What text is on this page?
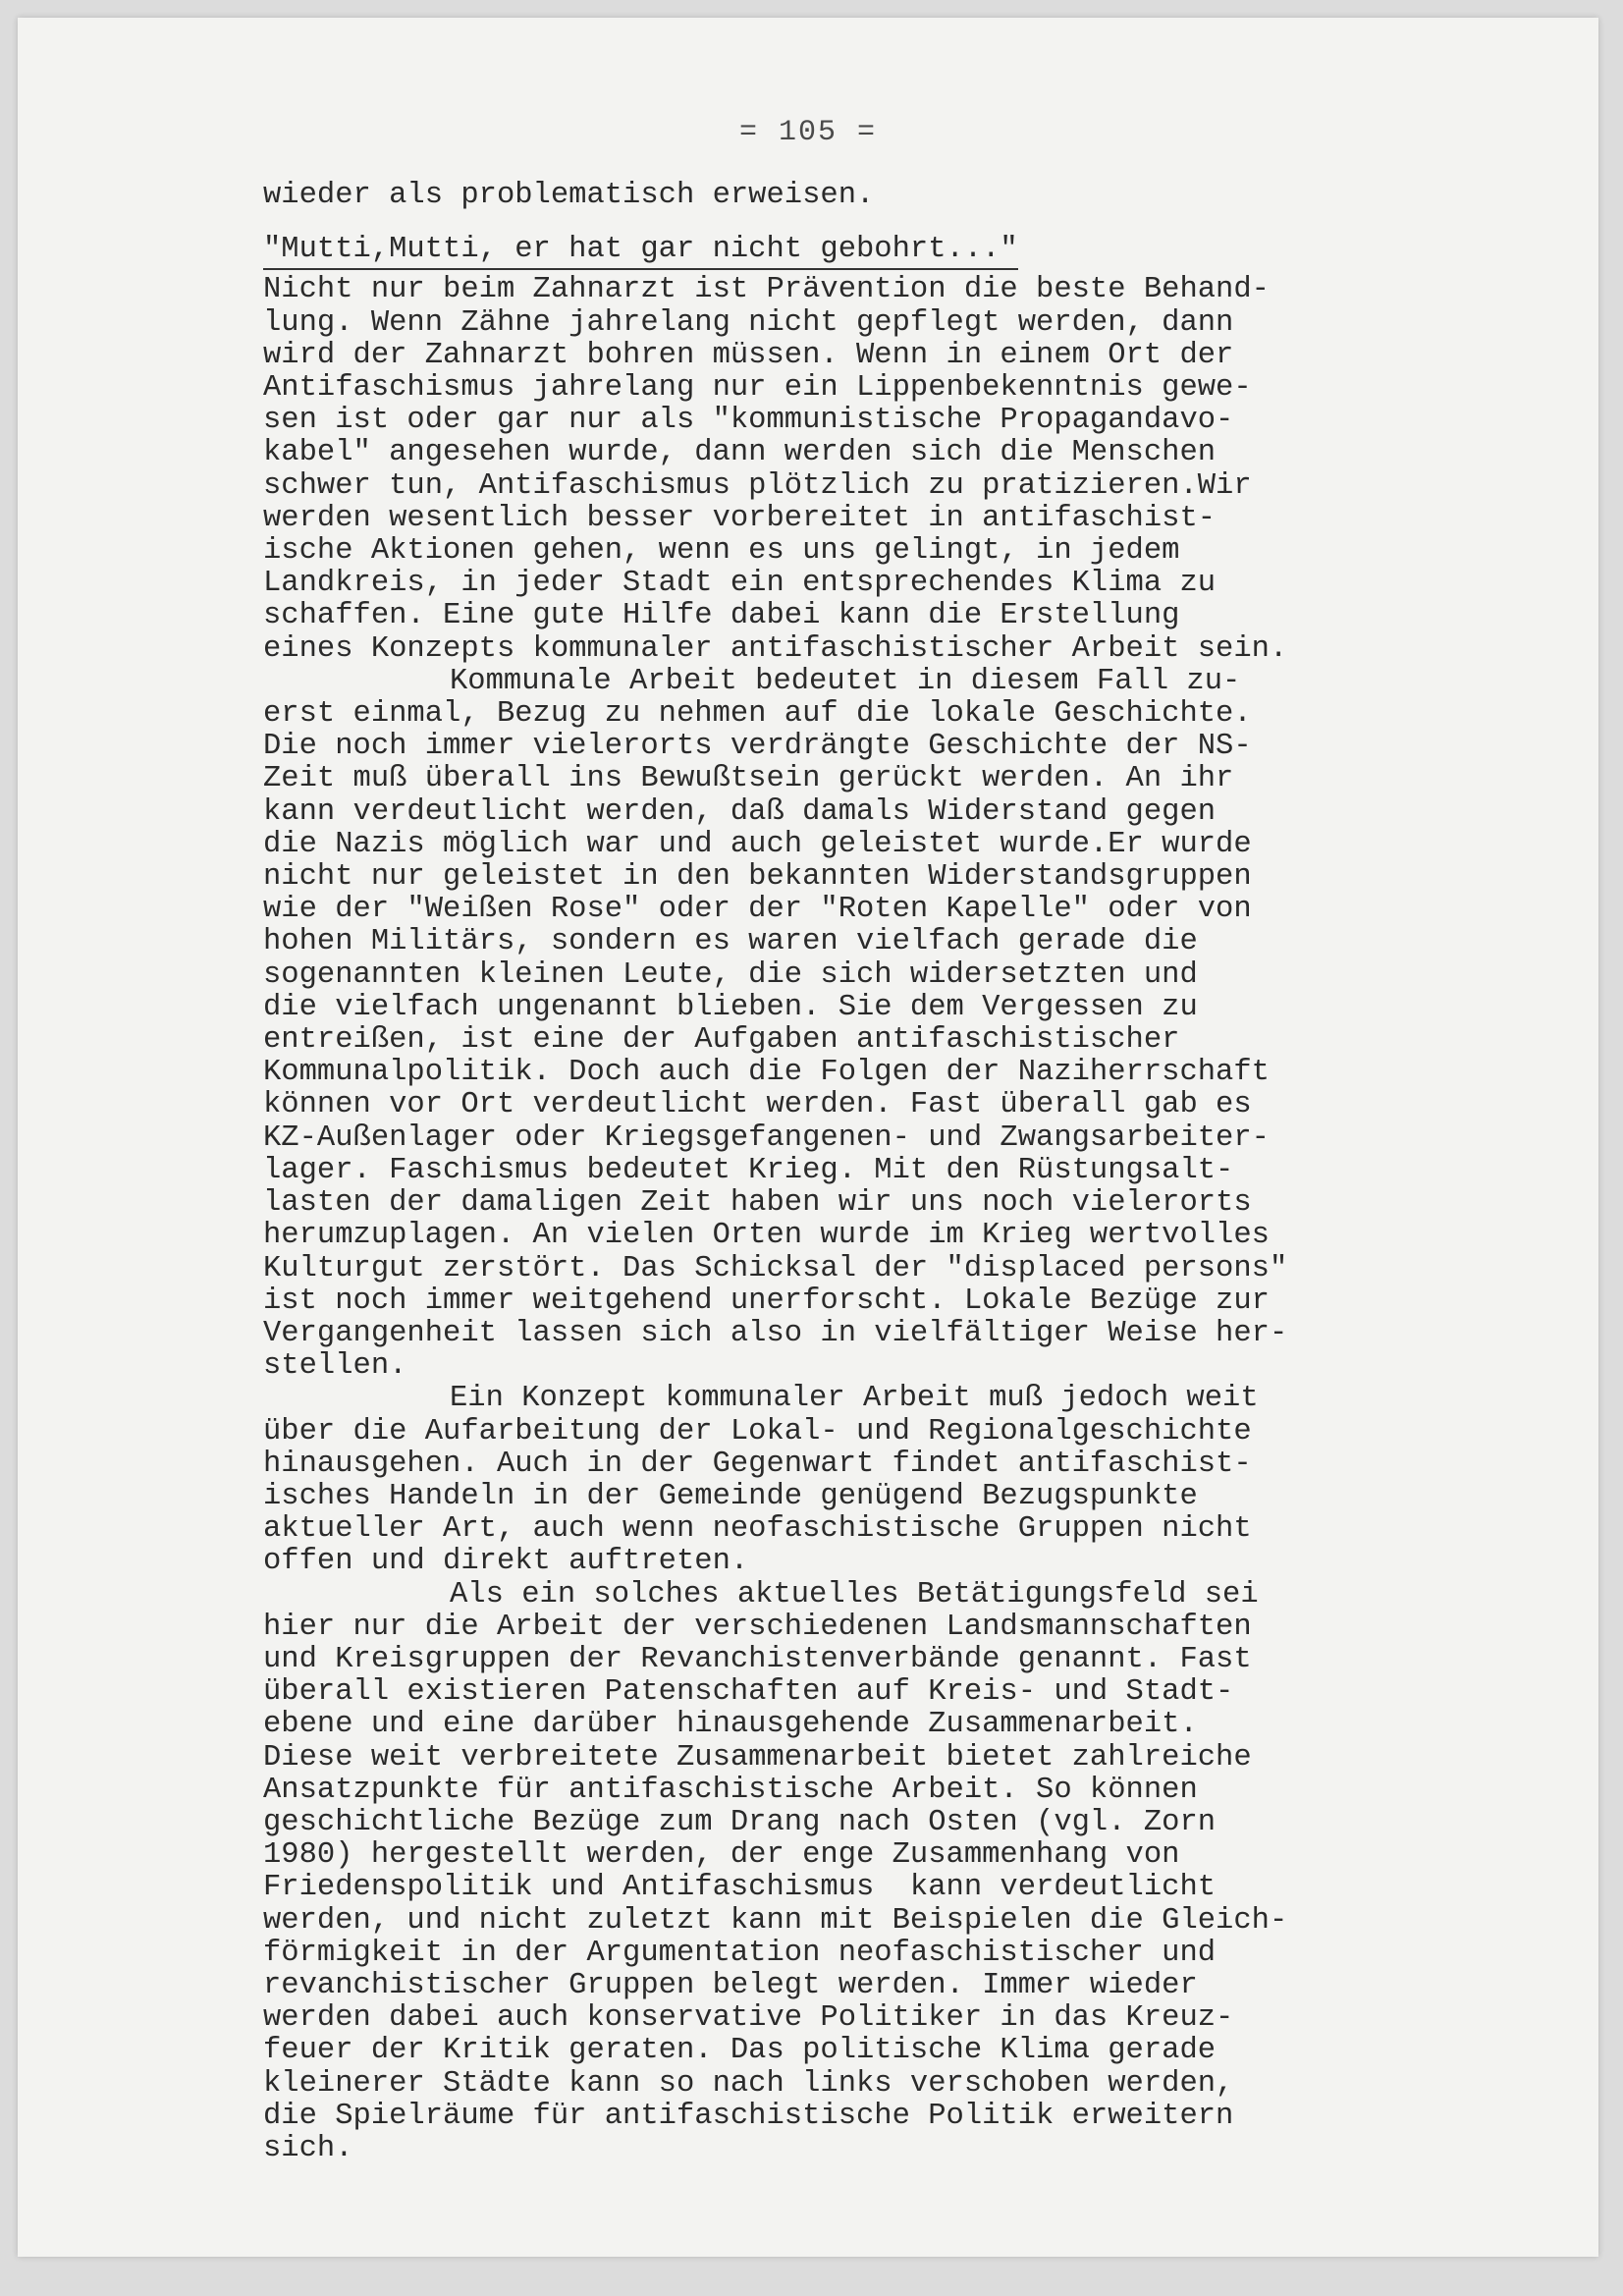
= 105 =
wieder als problematisch erweisen.
"Mutti,Mutti, er hat gar nicht gebohrt..."
Nicht nur beim Zahnarzt ist Prävention die beste Behand-
lung. Wenn Zähne jahrelang nicht gepflegt werden, dann
wird der Zahnarzt bohren müssen. Wenn in einem Ort der
Antifaschismus jahrelang nur ein Lippenbekenntnis gewe-
sen ist oder gar nur als "kommunistische Propagandavo-
kabel" angesehen wurde, dann werden sich die Menschen
schwer tun, Antifaschismus plötzlich zu pratizieren.Wir
werden wesentlich besser vorbereitet in antifaschist-
ische Aktionen gehen, wenn es uns gelingt, in jedem
Landkreis, in jeder Stadt ein entsprechendes Klima zu
schaffen. Eine gute Hilfe dabei kann die Erstellung
eines Konzepts kommunaler antifaschistischer Arbeit sein.
Kommunale Arbeit bedeutet in diesem Fall zu-
erst einmal, Bezug zu nehmen auf die lokale Geschichte.
Die noch immer vielerorts verdrängte Geschichte der NS-
Zeit muß überall ins Bewußtsein gerückt werden. An ihr
kann verdeutlicht werden, daß damals Widerstand gegen
die Nazis möglich war und auch geleistet wurde.Er wurde
nicht nur geleistet in den bekannten Widerstandsgruppen
wie der "Weißen Rose" oder der "Roten Kapelle" oder von
hohen Militärs, sondern es waren vielfach gerade die
sogenannten kleinen Leute, die sich widersetzten und
die vielfach ungenannt blieben. Sie dem Vergessen zu
entreißen, ist eine der Aufgaben antifaschistischer
Kommunalpolitik. Doch auch die Folgen der Naziherrschaft
können vor Ort verdeutlicht werden. Fast überall gab es
KZ-Außenlager oder Kriegsgefangenen- und Zwangsarbeiter-
lager. Faschismus bedeutet Krieg. Mit den Rüstungsalt-
lasten der damaligen Zeit haben wir uns noch vielerorts
herumzuplagen. An vielen Orten wurde im Krieg wertvolles
Kulturgut zerstört. Das Schicksal der "displaced persons"
ist noch immer weitgehend unerforscht. Lokale Bezüge zur
Vergangenheit lassen sich also in vielfältiger Weise her-
stellen.
Ein Konzept kommunaler Arbeit muß jedoch weit
über die Aufarbeitung der Lokal- und Regionalgeschichte
hinausgehen. Auch in der Gegenwart findet antifaschist-
isches Handeln in der Gemeinde genügend Bezugspunkte
aktueller Art, auch wenn neofaschistische Gruppen nicht
offen und direkt auftreten.
Als ein solches aktuelles Betätigungsfeld sei
hier nur die Arbeit der verschiedenen Landsmannschaften
und Kreisgruppen der Revanchistenverbände genannt. Fast
überall existieren Patenschaften auf Kreis- und Stadt-
ebene und eine darüber hinausgehende Zusammenarbeit.
Diese weit verbreitete Zusammenarbeit bietet zahlreiche
Ansatzpunkte für antifaschistische Arbeit. So können
geschichtliche Bezüge zum Drang nach Osten (vgl. Zorn
1980) hergestellt werden, der enge Zusammenhang von
Friedenspolitik und Antifaschismus  kann verdeutlicht
werden, und nicht zuletzt kann mit Beispielen die Gleich-
förmigkeit in der Argumentation neofaschistischer und
revanchistischer Gruppen belegt werden. Immer wieder
werden dabei auch konservative Politiker in das Kreuz-
feuer der Kritik geraten. Das politische Klima gerade
kleinerer Städte kann so nach links verschoben werden,
die Spielräume für antifaschistische Politik erweitern
sich.
